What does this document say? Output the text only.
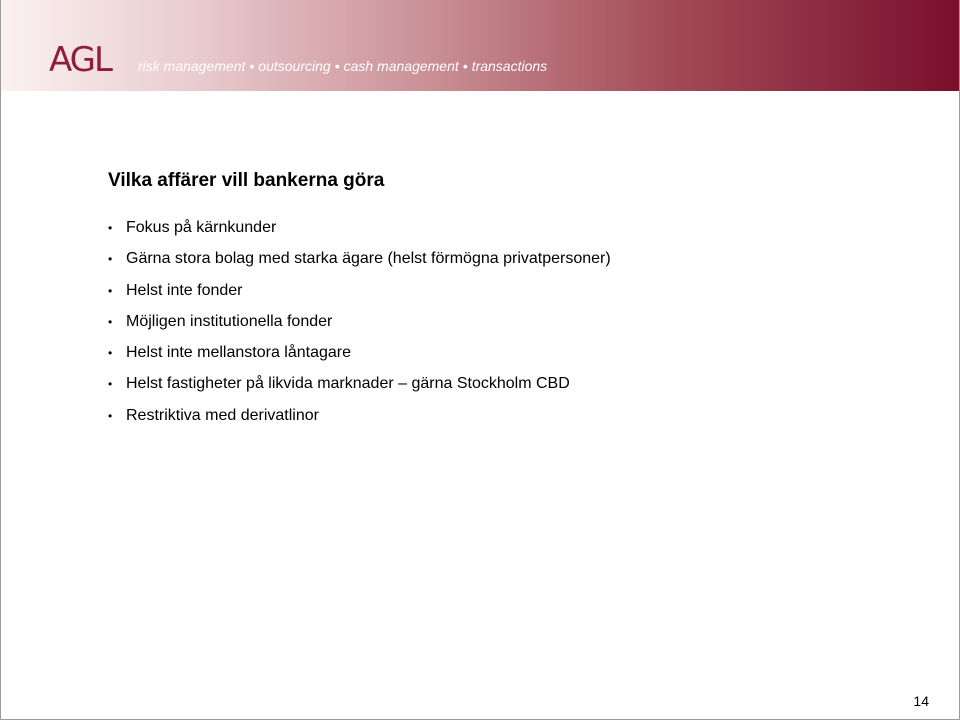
AGL risk management • outsourcing • cash management • transactions
Vilka affärer vill bankerna göra
• Fokus på kärnkunder
• Gärna stora bolag med starka ägare (helst förmögna privatpersoner)
• Helst inte fonder
• Möjligen institutionella fonder
• Helst inte mellanstora låntagare
• Helst fastigheter på likvida marknader – gärna Stockholm CBD
• Restriktiva med derivatlinor
14
